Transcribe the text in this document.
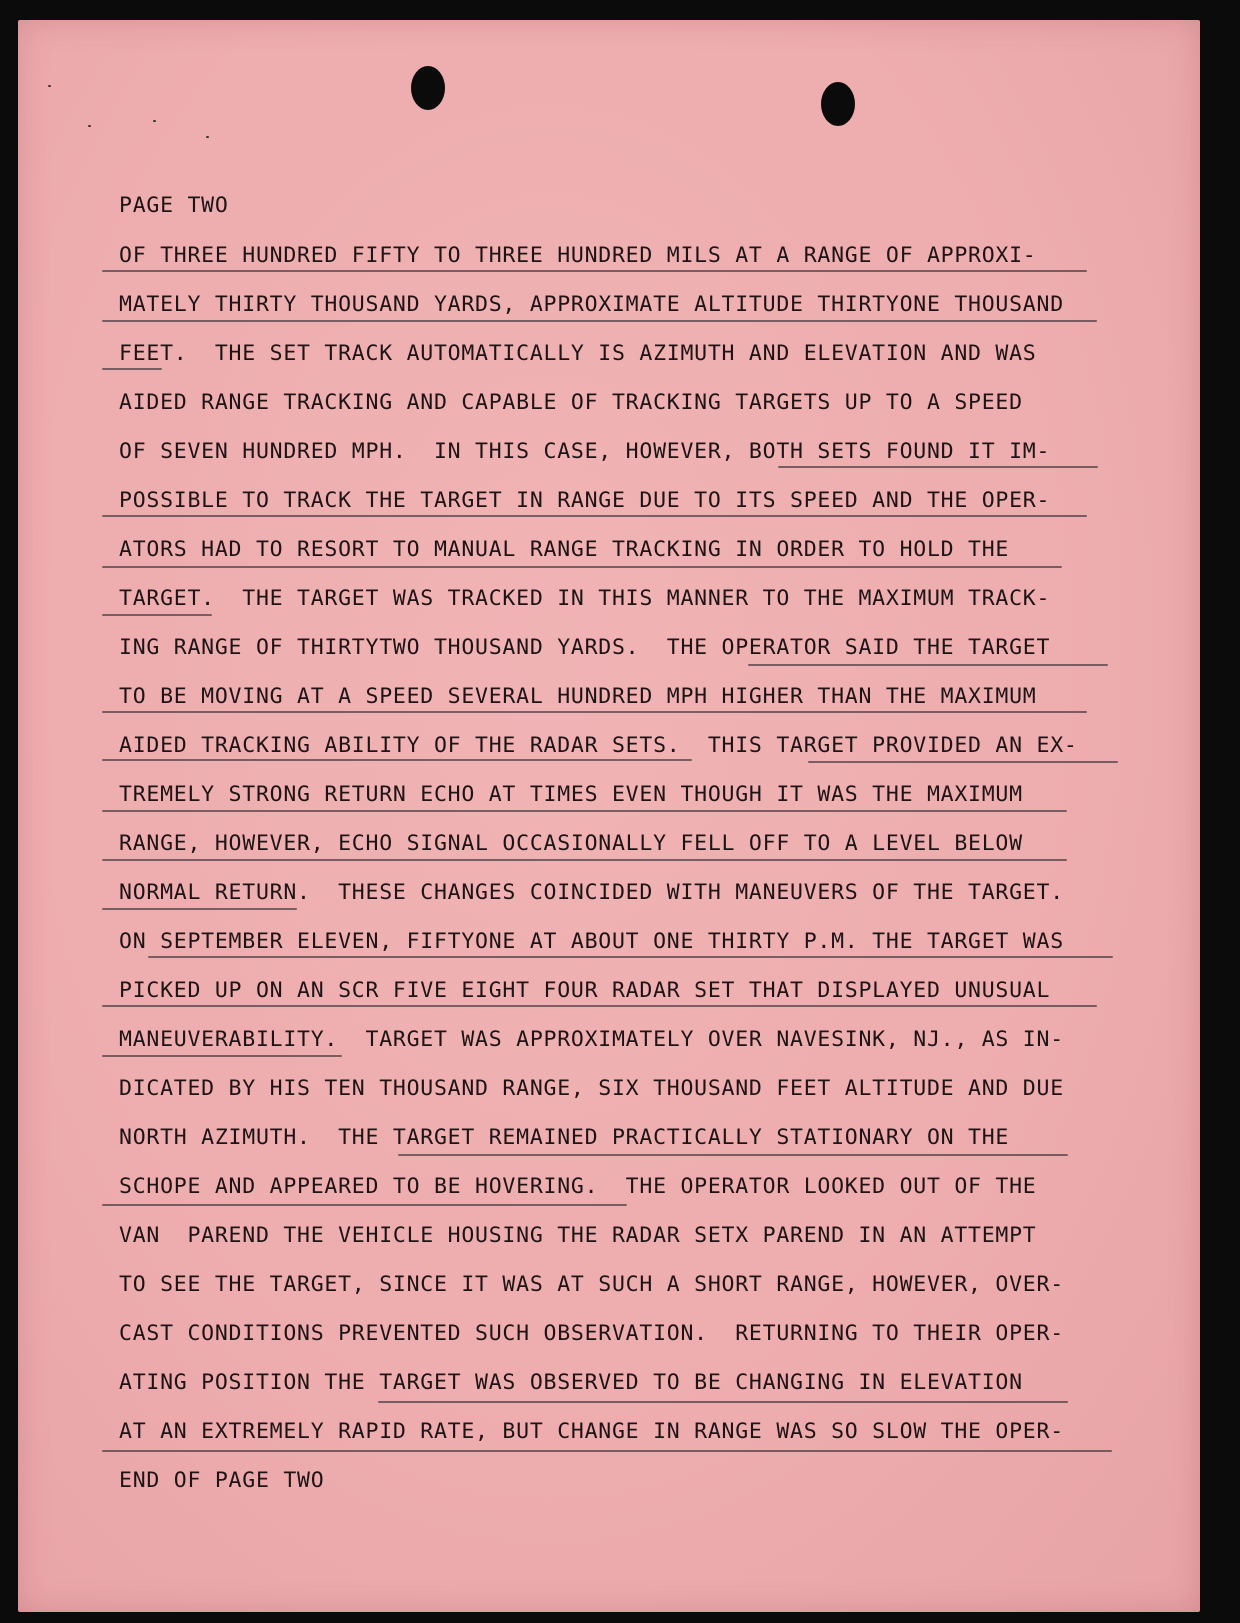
PAGE TWO

OF THREE HUNDRED FIFTY TO THREE HUNDRED MILS AT A RANGE OF APPROXI-

MATELY THIRTY THOUSAND YARDS, APPROXIMATE ALTITUDE THIRTYONE THOUSAND

FEET.  THE SET TRACK AUTOMATICALLY IS AZIMUTH AND ELEVATION AND WAS

AIDED RANGE TRACKING AND CAPABLE OF TRACKING TARGETS UP TO A SPEED

OF SEVEN HUNDRED MPH.  IN THIS CASE, HOWEVER, BOTH SETS FOUND IT IM-

POSSIBLE TO TRACK THE TARGET IN RANGE DUE TO ITS SPEED AND THE OPER-

ATORS HAD TO RESORT TO MANUAL RANGE TRACKING IN ORDER TO HOLD THE

TARGET.  THE TARGET WAS TRACKED IN THIS MANNER TO THE MAXIMUM TRACK-

ING RANGE OF THIRTYTWO THOUSAND YARDS.  THE OPERATOR SAID THE TARGET

TO BE MOVING AT A SPEED SEVERAL HUNDRED MPH HIGHER THAN THE MAXIMUM

AIDED TRACKING ABILITY OF THE RADAR SETS.  THIS TARGET PROVIDED AN EX-

TREMELY STRONG RETURN ECHO AT TIMES EVEN THOUGH IT WAS THE MAXIMUM

RANGE, HOWEVER, ECHO SIGNAL OCCASIONALLY FELL OFF TO A LEVEL BELOW

NORMAL RETURN.  THESE CHANGES COINCIDED WITH MANEUVERS OF THE TARGET.

ON SEPTEMBER ELEVEN, FIFTYONE AT ABOUT ONE THIRTY P.M. THE TARGET WAS

PICKED UP ON AN SCR FIVE EIGHT FOUR RADAR SET THAT DISPLAYED UNUSUAL

MANEUVERABILITY.  TARGET WAS APPROXIMATELY OVER NAVESINK, NJ., AS IN-

DICATED BY HIS TEN THOUSAND RANGE, SIX THOUSAND FEET ALTITUDE AND DUE

NORTH AZIMUTH.  THE TARGET REMAINED PRACTICALLY STATIONARY ON THE

SCHOPE AND APPEARED TO BE HOVERING.  THE OPERATOR LOOKED OUT OF THE

VAN  PAREND THE VEHICLE HOUSING THE RADAR SETX PAREND IN AN ATTEMPT

TO SEE THE TARGET, SINCE IT WAS AT SUCH A SHORT RANGE, HOWEVER, OVER-

CAST CONDITIONS PREVENTED SUCH OBSERVATION.  RETURNING TO THEIR OPER-

ATING POSITION THE TARGET WAS OBSERVED TO BE CHANGING IN ELEVATION

AT AN EXTREMELY RAPID RATE, BUT CHANGE IN RANGE WAS SO SLOW THE OPER-

END OF PAGE TWO
